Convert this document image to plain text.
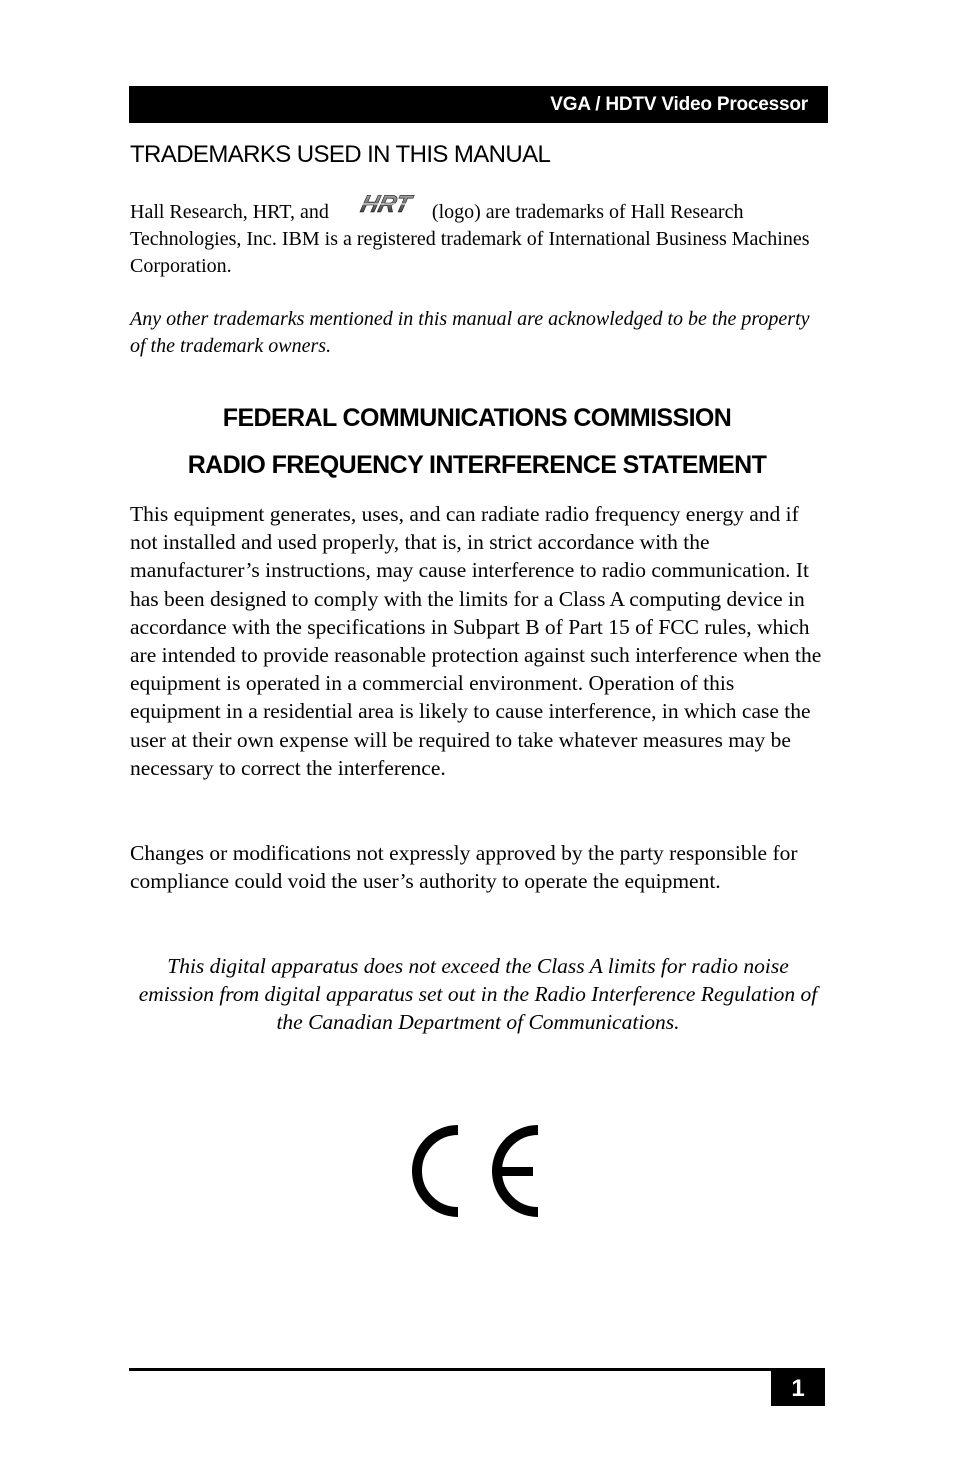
VGA / HDTV Video Processor
TRADEMARKS USED IN THIS MANUAL

Hall Research, HRT, and HRT (logo) are trademarks of Hall Research Technologies, Inc. IBM is a registered trademark of International Business Machines Corporation.

Any other trademarks mentioned in this manual are acknowledged to be the property of the trademark owners.

FEDERAL COMMUNICATIONS COMMISSION
RADIO FREQUENCY INTERFERENCE STATEMENT

This equipment generates, uses, and can radiate radio frequency energy and if not installed and used properly, that is, in strict accordance with the manufacturer’s instructions, may cause interference to radio communication. It has been designed to comply with the limits for a Class A computing device in accordance with the specifications in Subpart B of Part 15 of FCC rules, which are intended to provide reasonable protection against such interference when the equipment is operated in a commercial environment. Operation of this equipment in a residential area is likely to cause interference, in which case the user at their own expense will be required to take whatever measures may be necessary to correct the interference.

Changes or modifications not expressly approved by the party responsible for compliance could void the user’s authority to operate the equipment.

This digital apparatus does not exceed the Class A limits for radio noise emission from digital apparatus set out in the Radio Interference Regulation of the Canadian Department of Communications.

1
